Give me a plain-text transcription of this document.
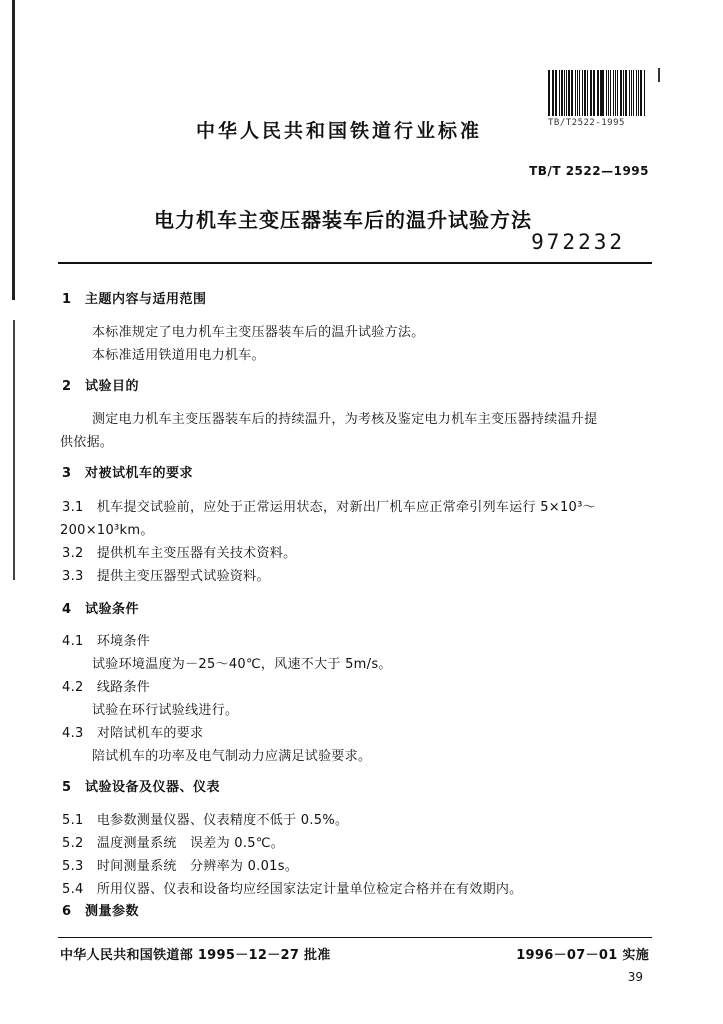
TB/T2522-1995
中华人民共和国铁道行业标准
TB/T 2522—1995
电力机车主变压器装车后的温升试验方法
972232
1　主题内容与适用范围
本标准规定了电力机车主变压器装车后的温升试验方法。
本标准适用铁道用电力机车。
2　试验目的
测定电力机车主变压器装车后的持续温升，为考核及鉴定电力机车主变压器持续温升提
供依据。
3　对被试机车的要求
3.1　机车提交试验前，应处于正常运用状态，对新出厂机车应正常牵引列车运行 5×10³～
200×10³km。
3.2　提供机车主变压器有关技术资料。
3.3　提供主变压器型式试验资料。
4　试验条件
4.1　环境条件
试验环境温度为－25～40℃，风速不大于 5m/s。
4.2　线路条件
试验在环行试验线进行。
4.3　对陪试机车的要求
陪试机车的功率及电气制动力应满足试验要求。
5　试验设备及仪器、仪表
5.1　电参数测量仪器、仪表精度不低于 0.5%。
5.2　温度测量系统　误差为 0.5℃。
5.3　时间测量系统　分辨率为 0.01s。
5.4　所用仪器、仪表和设备均应经国家法定计量单位检定合格并在有效期内。
6　测量参数
中华人民共和国铁道部 1995－12－27 批准	1996－07－01 实施
39
